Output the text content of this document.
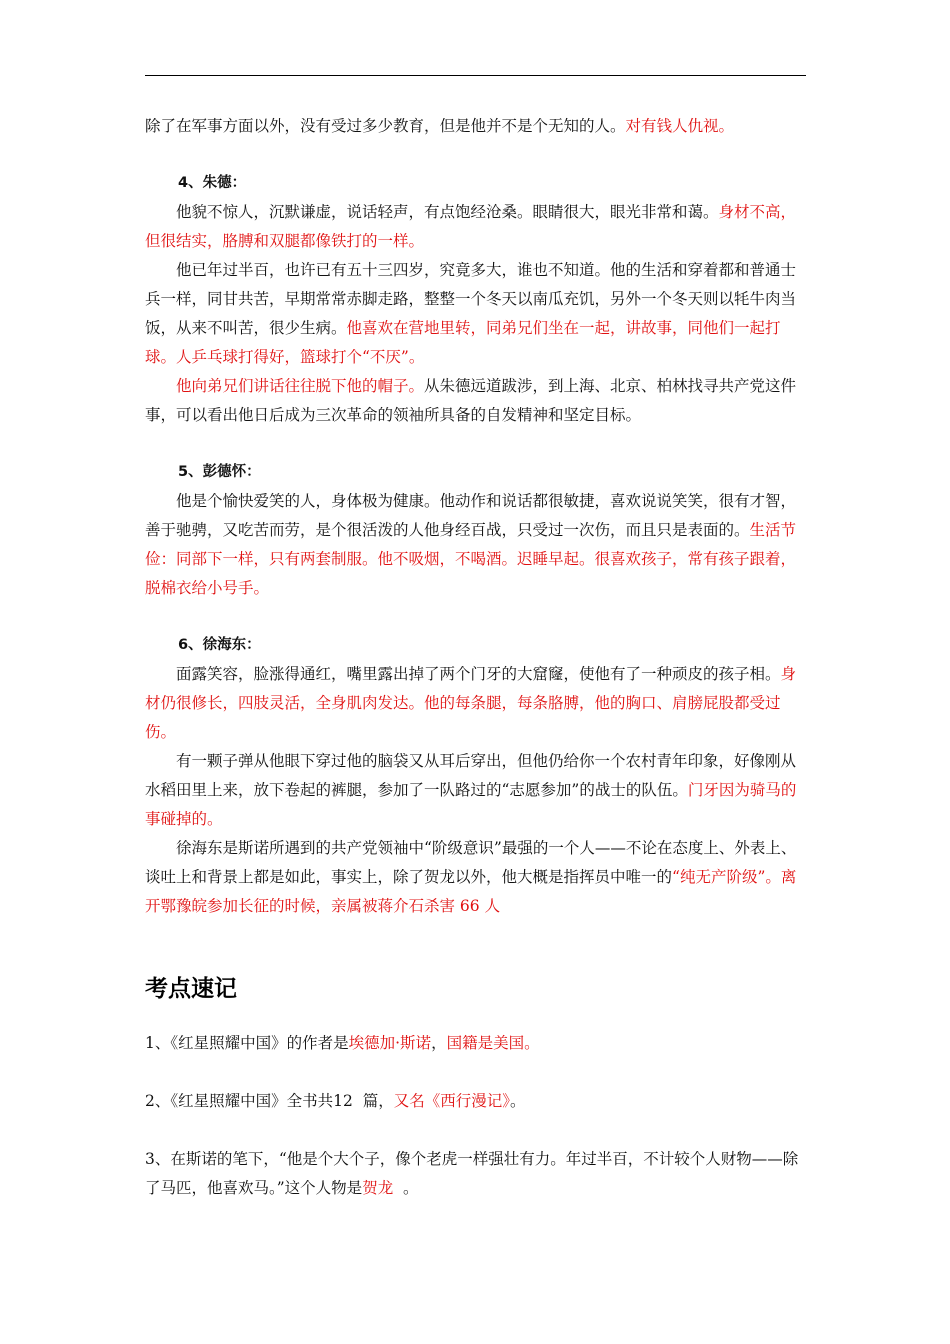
除了在军事方面以外，没有受过多少教育，但是他并不是个无知的人。对有钱人仇视。

4、朱德：

他貌不惊人，沉默谦虚，说话轻声，有点饱经沧桑。眼睛很大，眼光非常和蔼。身材不高，但很结实，胳膊和双腿都像铁打的一样。

他已年过半百，也许已有五十三四岁，究竟多大，谁也不知道。他的生活和穿着都和普通士兵一样，同甘共苦，早期常常赤脚走路，整整一个冬天以南瓜充饥，另外一个冬天则以牦牛肉当饭，从来不叫苦，很少生病。他喜欢在营地里转，同弟兄们坐在一起，讲故事，同他们一起打球。人乒乓球打得好，篮球打个“不厌”。

他向弟兄们讲话往往脱下他的帽子。从朱德远道跋涉，到上海、北京、柏林找寻共产党这件事，可以看出他日后成为三次革命的领袖所具备的自发精神和坚定目标。

5、彭德怀：

他是个愉快爱笑的人，身体极为健康。他动作和说话都很敏捷，喜欢说说笑笑，很有才智，善于驰骋，又吃苦而劳，是个很活泼的人他身经百战，只受过一次伤，而且只是表面的。生活节俭：同部下一样，只有两套制服。他不吸烟，不喝酒。迟睡早起。很喜欢孩子，常有孩子跟着，脱棉衣给小号手。

6、徐海东：

面露笑容，脸涨得通红，嘴里露出掉了两个门牙的大窟窿，使他有了一种顽皮的孩子相。身材仍很修长，四肢灵活，全身肌肉发达。他的每条腿，每条胳膊，他的胸口、肩膀屁股都受过伤。

有一颗子弹从他眼下穿过他的脑袋又从耳后穿出，但他仍给你一个农村青年印象，好像刚从水稻田里上来，放下卷起的裤腿，参加了一队路过的“志愿参加”的战士的队伍。门牙因为骑马的事碰掉的。

徐海东是斯诺所遇到的共产党领袖中“阶级意识”最强的一个人——不论在态度上、外表上、谈吐上和背景上都是如此，事实上，除了贺龙以外，他大概是指挥员中唯一的“纯无产阶级”。离开鄂豫皖参加长征的时候，亲属被蒋介石杀害 66 人

考点速记

1、《红星照耀中国》的作者是埃德加·斯诺，国籍是美国。

2、《红星照耀中国》全书共12  篇，又名《西行漫记》。

3、在斯诺的笔下，“他是个大个子，像个老虎一样强壮有力。年过半百，不计较个人财物——除了马匹，他喜欢马。”这个人物是贺龙  。
